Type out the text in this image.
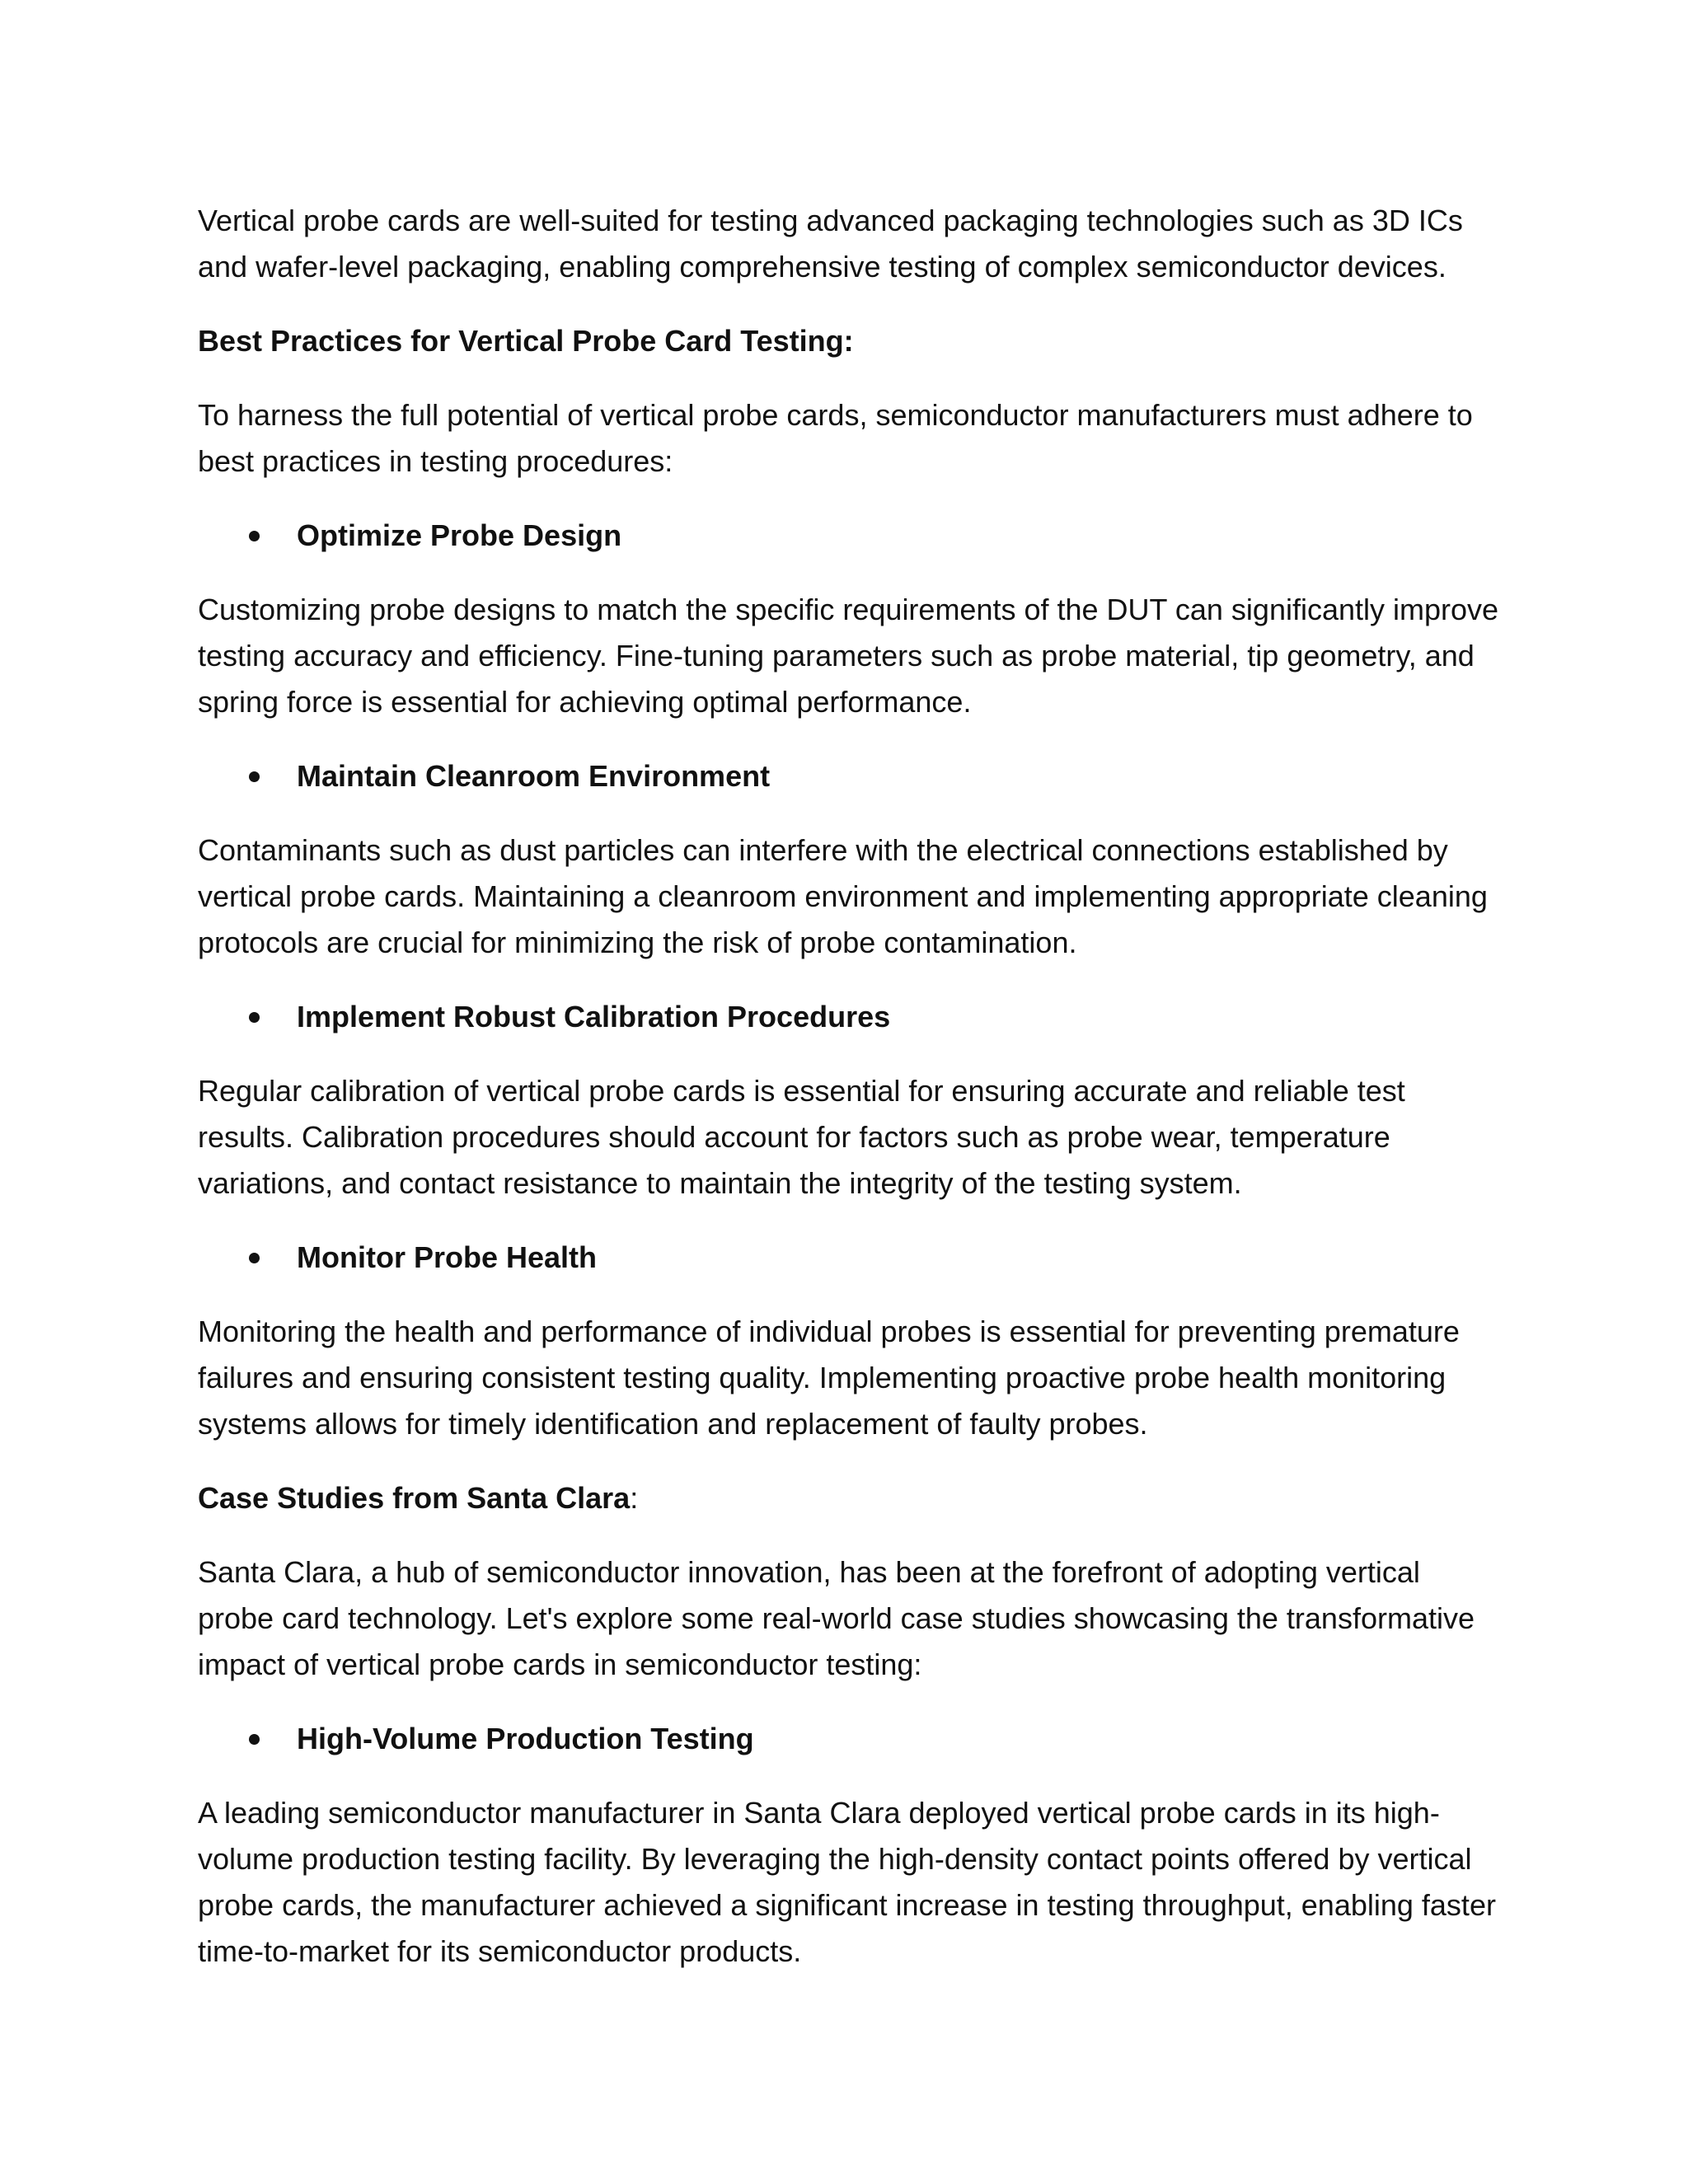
Vertical probe cards are well-suited for testing advanced packaging technologies such as 3D ICs and wafer-level packaging, enabling comprehensive testing of complex semiconductor devices.

Best Practices for Vertical Probe Card Testing:

To harness the full potential of vertical probe cards, semiconductor manufacturers must adhere to best practices in testing procedures:

Optimize Probe Design

Customizing probe designs to match the specific requirements of the DUT can significantly improve testing accuracy and efficiency. Fine-tuning parameters such as probe material, tip geometry, and spring force is essential for achieving optimal performance.

Maintain Cleanroom Environment

Contaminants such as dust particles can interfere with the electrical connections established by vertical probe cards. Maintaining a cleanroom environment and implementing appropriate cleaning protocols are crucial for minimizing the risk of probe contamination.

Implement Robust Calibration Procedures

Regular calibration of vertical probe cards is essential for ensuring accurate and reliable test results. Calibration procedures should account for factors such as probe wear, temperature variations, and contact resistance to maintain the integrity of the testing system.

Monitor Probe Health

Monitoring the health and performance of individual probes is essential for preventing premature failures and ensuring consistent testing quality. Implementing proactive probe health monitoring systems allows for timely identification and replacement of faulty probes.

Case Studies from Santa Clara:

Santa Clara, a hub of semiconductor innovation, has been at the forefront of adopting vertical probe card technology. Let's explore some real-world case studies showcasing the transformative impact of vertical probe cards in semiconductor testing:

High-Volume Production Testing

A leading semiconductor manufacturer in Santa Clara deployed vertical probe cards in its high-volume production testing facility. By leveraging the high-density contact points offered by vertical probe cards, the manufacturer achieved a significant increase in testing throughput, enabling faster time-to-market for its semiconductor products.
